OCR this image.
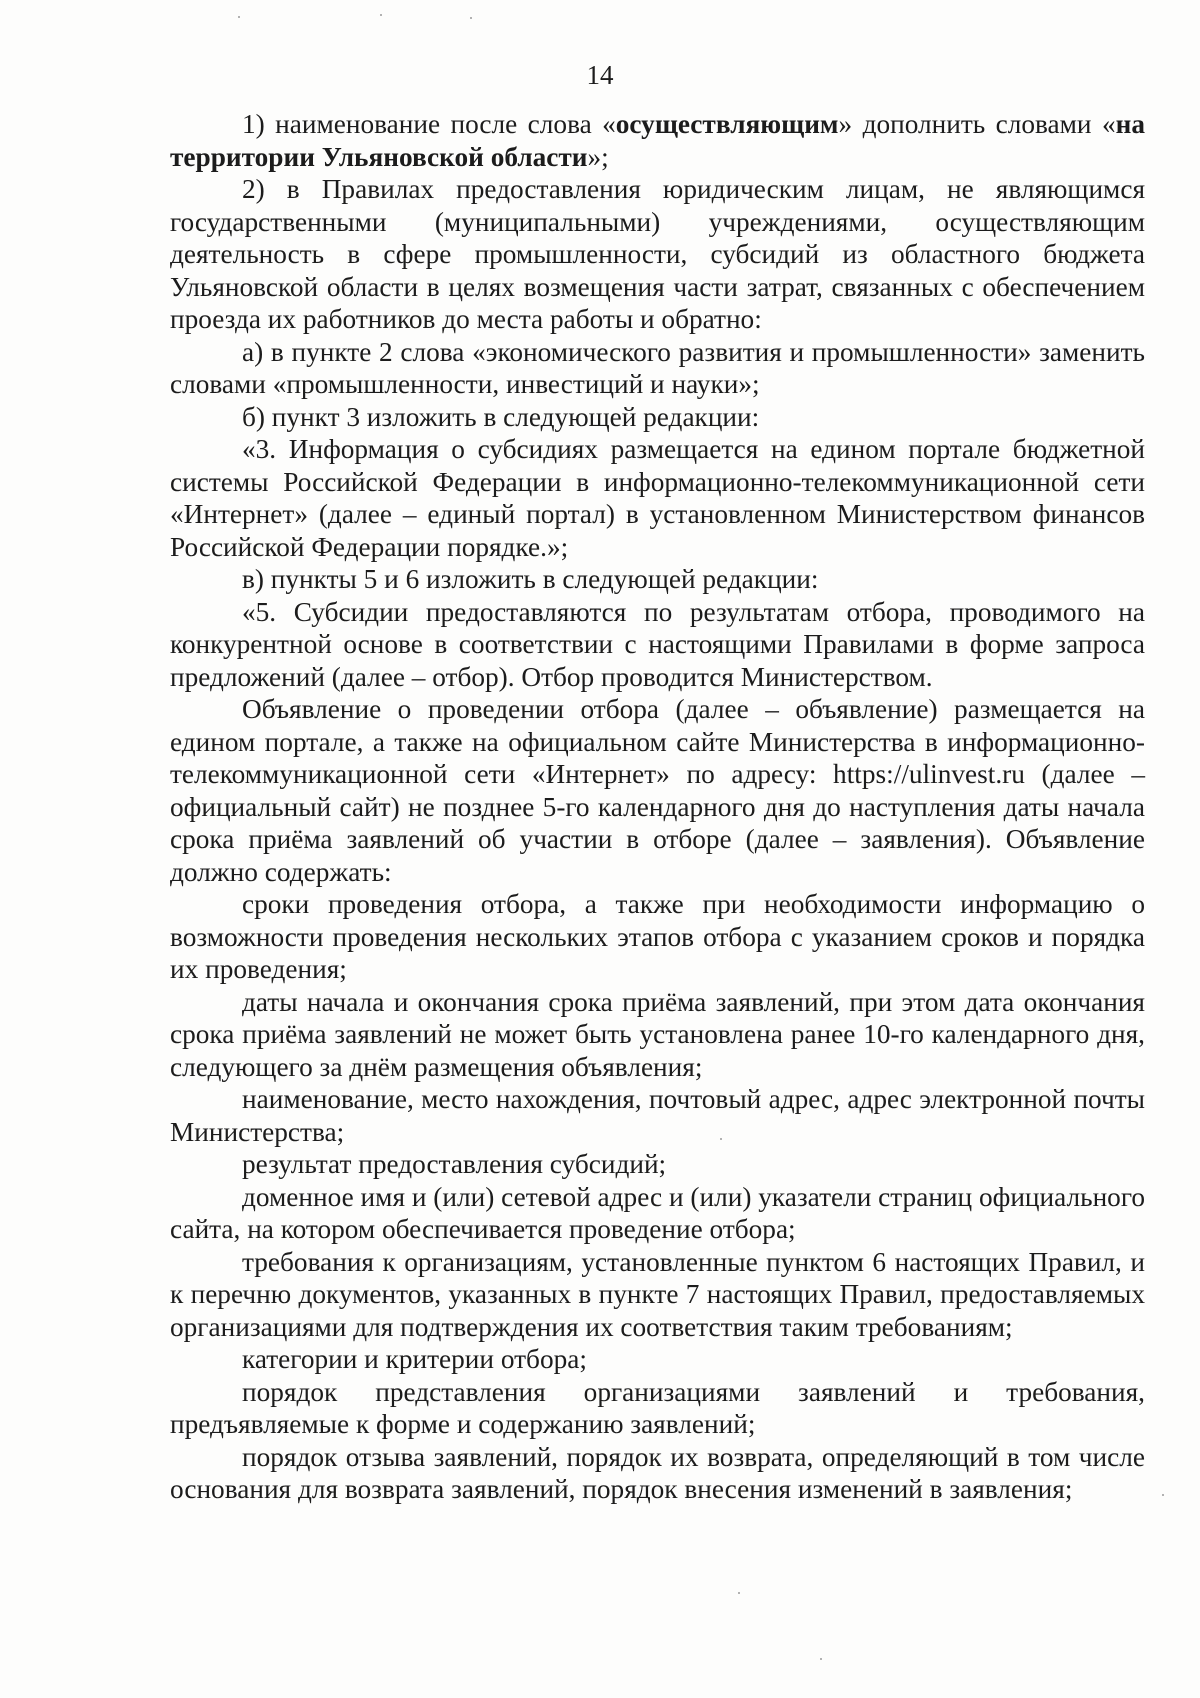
14

1) наименование после слова «осуществляющим» дополнить словами «на территории Ульяновской области»;

2) в Правилах предоставления юридическим лицам, не являющимся государственными (муниципальными) учреждениями, осуществляющим деятельность в сфере промышленности, субсидий из областного бюджета Ульяновской области в целях возмещения части затрат, связанных с обеспечением проезда их работников до места работы и обратно:

а) в пункте 2 слова «экономического развития и промышленности» заменить словами «промышленности, инвестиций и науки»;

б) пункт 3 изложить в следующей редакции:

«3. Информация о субсидиях размещается на едином портале бюджетной системы Российской Федерации в информационно-телекоммуникационной сети «Интернет» (далее – единый портал) в установленном Министерством финансов Российской Федерации порядке.»;

в) пункты 5 и 6 изложить в следующей редакции:

«5. Субсидии предоставляются по результатам отбора, проводимого на конкурентной основе в соответствии с настоящими Правилами в форме запроса предложений (далее – отбор). Отбор проводится Министерством.

Объявление о проведении отбора (далее – объявление) размещается на едином портале, а также на официальном сайте Министерства в информационно-телекоммуникационной сети «Интернет» по адресу: https://ulinvest.ru (далее – официальный сайт) не позднее 5-го календарного дня до наступления даты начала срока приёма заявлений об участии в отборе (далее – заявления). Объявление должно содержать:

сроки проведения отбора, а также при необходимости информацию о возможности проведения нескольких этапов отбора с указанием сроков и порядка их проведения;

даты начала и окончания срока приёма заявлений, при этом дата окончания срока приёма заявлений не может быть установлена ранее 10-го календарного дня, следующего за днём размещения объявления;

наименование, место нахождения, почтовый адрес, адрес электронной почты Министерства;

результат предоставления субсидий;

доменное имя и (или) сетевой адрес и (или) указатели страниц официального сайта, на котором обеспечивается проведение отбора;

требования к организациям, установленные пунктом 6 настоящих Правил, и к перечню документов, указанных в пункте 7 настоящих Правил, предоставляемых организациями для подтверждения их соответствия таким требованиям;

категории и критерии отбора;

порядок представления организациями заявлений и требования, предъявляемые к форме и содержанию заявлений;

порядок отзыва заявлений, порядок их возврата, определяющий в том числе основания для возврата заявлений, порядок внесения изменений в заявления;
